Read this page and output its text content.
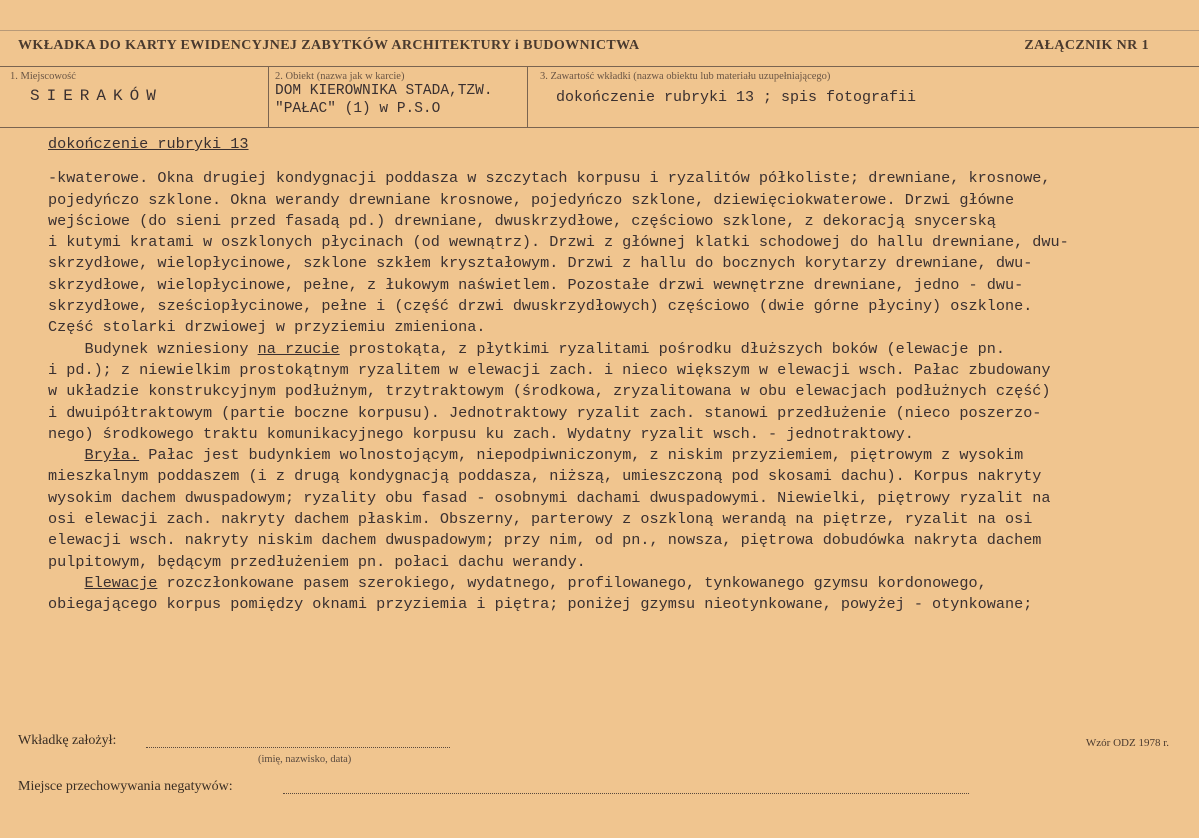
WKŁADKA DO KARTY EWIDENCYJNEJ ZABYTKÓW ARCHITEKTURY i BUDOWNICTWA	ZAŁĄCZNIK NR 1
1. Miejscowość
SIERAKÓW
2. Obiekt (nazwa jak w karcie)
DOM KIEROWNIKA STADA,TZW.
"PAŁAC" (1) w P.S.O
3. Zawartość wkładki (nazwa obiektu lub materiału uzupełniającego)
dokończenie rubryki 13 ; spis fotografii
dokończenie rubryki 13
-kwaterowe. Okna drugiej kondygnacji poddasza w szczytach korpusu i ryzalitów półkoliste; drewniane, krosnowe,
pojedyńczo szklone. Okna werandy drewniane krosnowe, pojedyńczo szklone, dziewięciokwaterowe. Drzwi główne
wejściowe (do sieni przed fasadą pd.) drewniane, dwuskrzydłowe, częściowo szklone, z dekoracją snycerską
i kutymi kratami w oszklonych płycinach (od wewnątrz). Drzwi z głównej klatki schodowej do hallu drewniane, dwu-
skrzydłowe, wielopłycinowe, szklone szkłem kryształowym. Drzwi z hallu do bocznych korytarzy drewniane, dwu-
skrzydłowe, wielopłycinowe, pełne, z łukowym naświetlem. Pozostałe drzwi wewnętrzne drewniane, jedno - dwu-
skrzydłowe, sześciopłycinowe, pełne i (część drzwi dwuskrzydłowych) częściowo (dwie górne płyciny) oszklone.
Część stolarki drzwiowej w przyziemiu zmieniona.
Budynek wzniesiony na rzucie prostokąta, z płytkimi ryzalitami pośrodku dłuższych boków (elewacje pn.
i pd.); z niewielkim prostokątnym ryzalitem w elewacji zach. i nieco większym w elewacji wsch. Pałac zbudowany
w układzie konstrukcyjnym podłużnym, trzytraktowym (środkowa, zryzalitowana w obu elewacjach podłużnych część)
i dwuipółtraktowym (partie boczne korpusu). Jednotraktowy ryzalit zach. stanowi przedłużenie (nieco poszerzo-
nego) środkowego traktu komunikacyjnego korpusu ku zach. Wydatny ryzalit wsch. - jednotraktowy.
Bryła. Pałac jest budynkiem wolnostojącym, niepodpiwniczonym, z niskim przyziemiem, piętrowym z wysokim
mieszkalnym poddaszem (i z drugą kondygnacją poddasza, niższą, umieszczoną pod skosami dachu). Korpus nakryty
wysokim dachem dwuspadowym; ryzality obu fasad - osobnymi dachami dwuspadowymi. Niewielki, piętrowy ryzalit na
osi elewacji zach. nakryty dachem płaskim. Obszerny, parterowy z oszkloną werandą na piętrze, ryzalit na osi
elewacji wsch. nakryty niskim dachem dwuspadowym; przy nim, od pn., nowsza, piętrowa dobudówka nakryta dachem
pulpitowym, będącym przedłużeniem pn. połaci dachu werandy.
Elewacje rozczłonkowane pasem szerokiego, wydatnego, profilowanego, tynkowanego gzymsu kordonowego,
obiegającego korpus pomiędzy oknami przyziemia i piętra; poniżej gzymsu nieotynkowane, powyżej - otynkowane;
Wkładkę założył:
(imię, nazwisko, data)
Wzór ODZ 1978 r.
Miejsce przechowywania negatywów:
